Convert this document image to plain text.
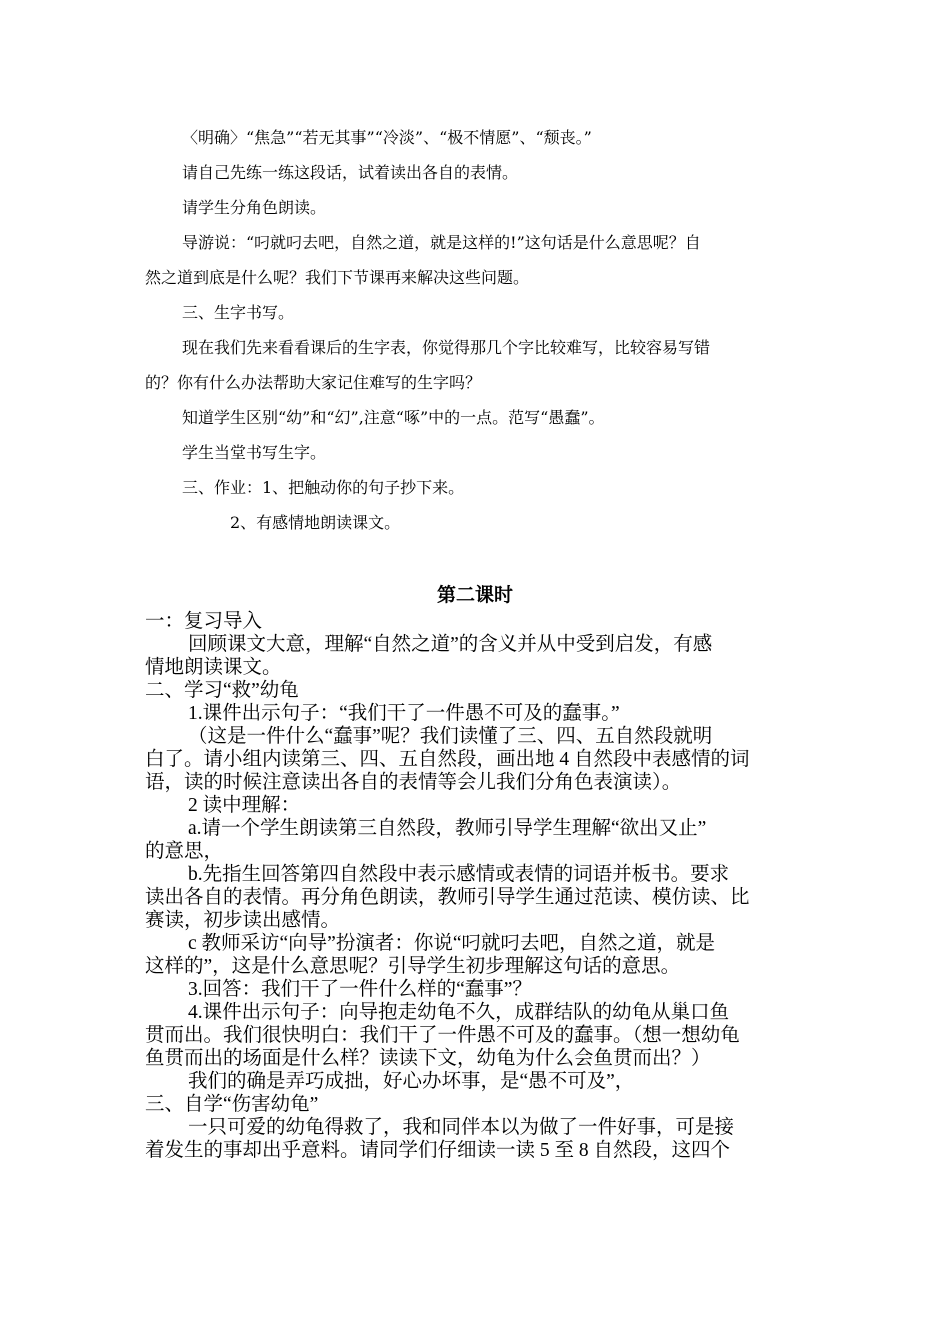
〈明确〉“焦急”“若无其事”“冷淡”、“极不情愿”、“颓丧。”

请自己先练一练这段话，试着读出各自的表情。

请学生分角色朗读。

导游说：“叼就叼去吧，自然之道，就是这样的!”这句话是什么意思呢？自
然之道到底是什么呢？我们下节课再来解决这些问题。

三、生字书写。

现在我们先来看看课后的生字表，你觉得那几个字比较难写，比较容易写错
的？你有什么办法帮助大家记住难写的生字吗？

知道学生区别“幼”和“幻”,注意“啄”中的一点。范写“愚蠢”。

学生当堂书写生字。

三、作业：1、把触动你的句子抄下来。

2、有感情地朗读课文。

第二课时
一：复习导入
回顾课文大意，理解“自然之道”的含义并从中受到启发，有感
情地朗读课文。
二、学习“救”幼龟
1.课件出示句子：“我们干了一件愚不可及的蠢事。”
（这是一件什么“蠢事”呢？我们读懂了三、四、五自然段就明
白了。请小组内读第三、四、五自然段，画出地 4 自然段中表感情的词
语，读的时候注意读出各自的表情等会儿我们分角色表演读）。
2 读中理解：
a.请一个学生朗读第三自然段，教师引导学生理解“欲出又止”
的意思，
b.先指生回答第四自然段中表示感情或表情的词语并板书。要求
读出各自的表情。再分角色朗读，教师引导学生通过范读、模仿读、比
赛读，初步读出感情。
c 教师采访“向导”扮演者：你说“叼就叼去吧，自然之道，就是
这样的”，这是什么意思呢？引导学生初步理解这句话的意思。
3.回答：我们干了一件什么样的“蠢事”？
4.课件出示句子：向导抱走幼龟不久，成群结队的幼龟从巢口鱼
贯而出。我们很快明白：我们干了一件愚不可及的蠢事。（想一想幼龟
鱼贯而出的场面是什么样？读读下文，幼龟为什么会鱼贯而出？）
我们的确是弄巧成拙，好心办坏事，是“愚不可及”，
三、自学“伤害幼龟”
一只可爱的幼龟得救了，我和同伴本以为做了一件好事，可是接
着发生的事却出乎意料。请同学们仔细读一读 5 至 8 自然段，这四个
